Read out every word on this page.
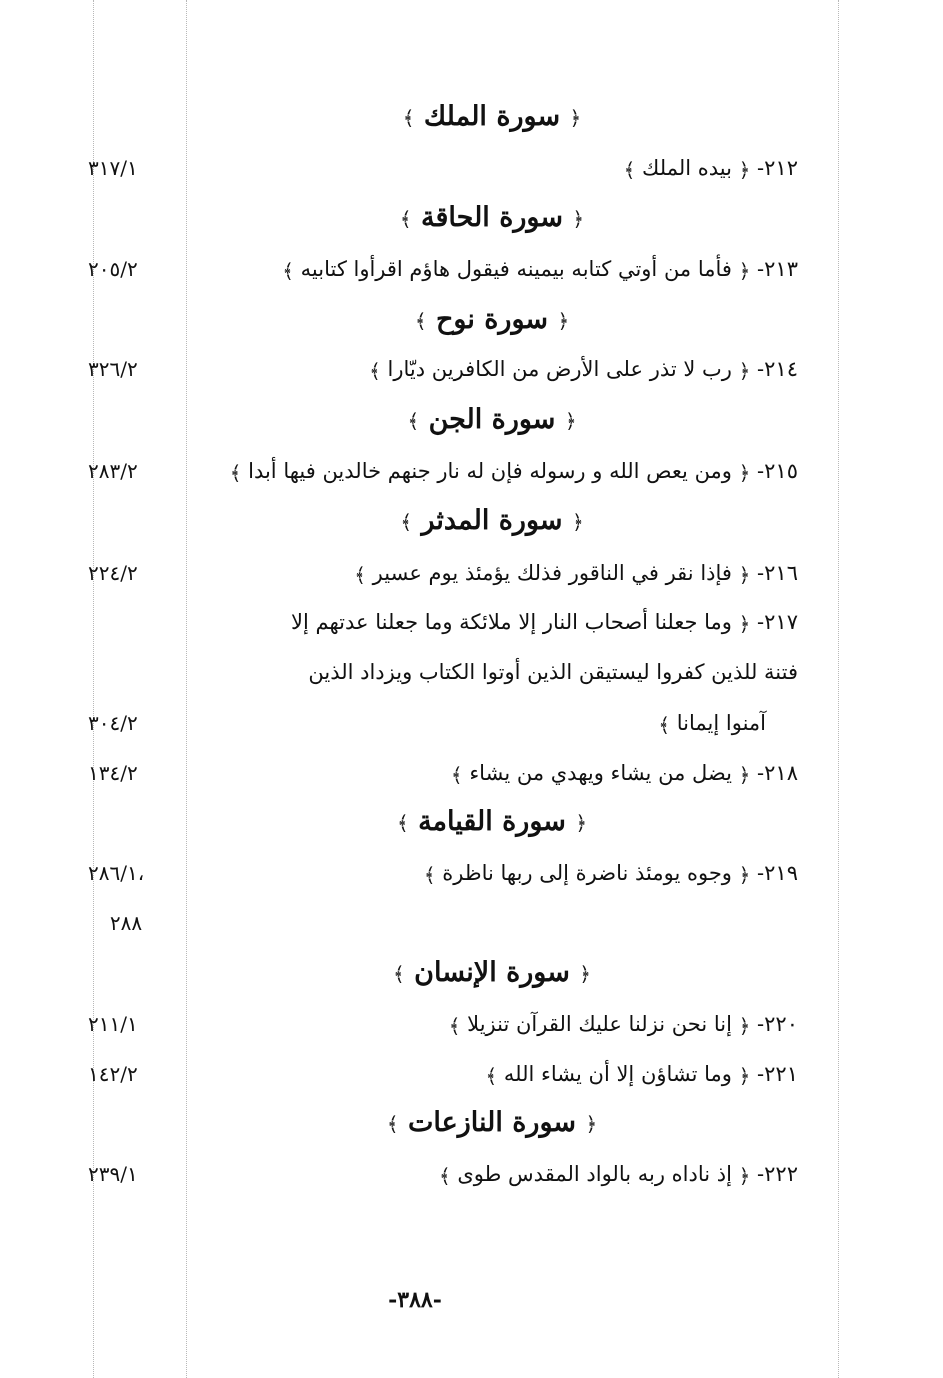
﴿ سورة الملك ﴾
٢١٢- ﴿ بيده الملك ﴾
٣١٧/١
﴿ سورة الحاقة ﴾
٢١٣- ﴿ فأما من أوتي كتابه بيمينه فيقول هاؤم اقرأوا كتابيه ﴾
٢٠٥/٢
﴿ سورة نوح ﴾
٢١٤- ﴿ رب لا تذر على الأرض من الكافرين ديّارا ﴾
٣٢٦/٢
﴿ سورة الجن ﴾
٢١٥- ﴿ ومن يعص الله و رسوله فإن له نار جنهم خالدين فيها أبدا ﴾
٢٨٣/٢
﴿ سورة المدثر ﴾
٢١٦- ﴿ فإذا نقر في الناقور فذلك يؤمئذ يوم عسير ﴾
٢٢٤/٢
٢١٧- ﴿ وما جعلنا أصحاب النار إلا ملائكة وما جعلنا عدتهم إلا
فتنة للذين كفروا ليستيقن الذين أوتوا الكتاب ويزداد الذين
آمنوا إيمانا ﴾
٣٠٤/٢
٢١٨- ﴿ يضل من يشاء ويهدي من يشاء ﴾
١٣٤/٢
﴿ سورة القيامة ﴾
٢١٩- ﴿ وجوه يومئذ ناضرة إلى ربها ناظرة ﴾
،٢٨٦/١
٢٨٨
﴿ سورة الإنسان ﴾
٢٢٠- ﴿ إنا نحن نزلنا عليك القرآن تنزيلا ﴾
٢١١/١
٢٢١- ﴿ وما تشاؤن إلا أن يشاء الله ﴾
١٤٢/٢
﴿ سورة النازعات ﴾
٢٢٢- ﴿ إذ ناداه ربه بالواد المقدس طوى ﴾
٢٣٩/١
-٣٨٨-
